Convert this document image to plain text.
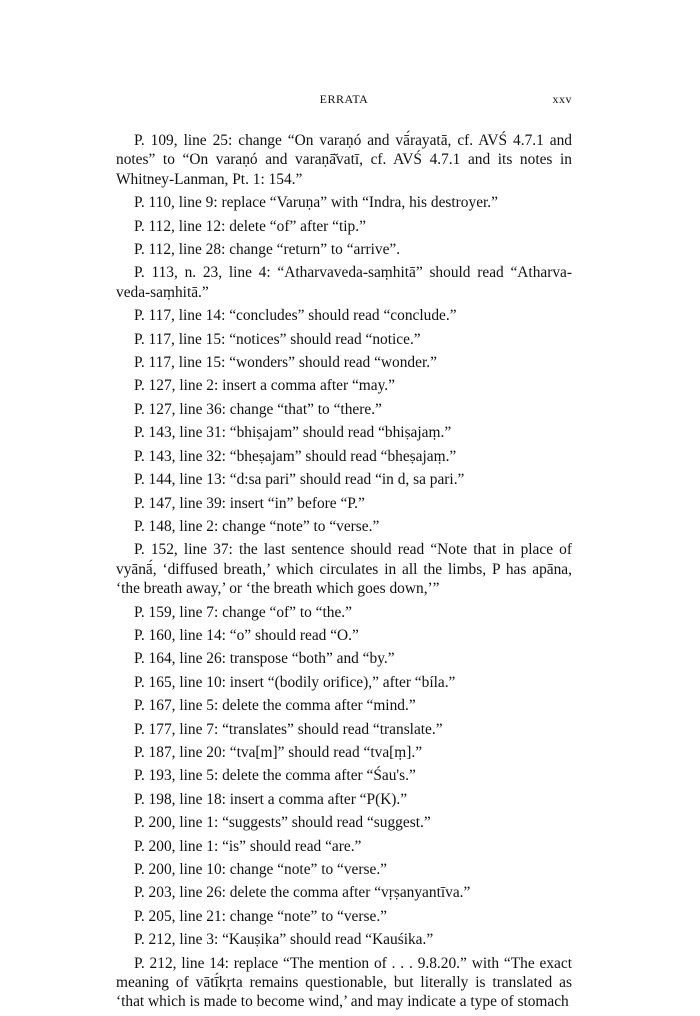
ERRATA	xxv

P. 109, line 25: change “On varaṇó and vā́rayatā, cf. AVŚ 4.7.1 and notes” to “On varaṇó and varaṇā̆vatī, cf. AVŚ 4.7.1 and its notes in Whitney-Lanman, Pt. 1: 154.”

P. 110, line 9: replace “Varuṇa” with “Indra, his destroyer.”

P. 112, line 12: delete “of” after “tip.”

P. 112, line 28: change “return” to “arrive”.

P. 113, n. 23, line 4: “Atharvaveda-saṃhitā” should read “Atharva-veda-saṃhitā.”

P. 117, line 14: “concludes” should read “conclude.”

P. 117, line 15: “notices” should read “notice.”

P. 117, line 15: “wonders” should read “wonder.”

P. 127, line 2: insert a comma after “may.”

P. 127, line 36: change “that” to “there.”

P. 143, line 31: “bhiṣajam” should read “bhiṣajaṃ.”

P. 143, line 32: “bheṣajam” should read “bheṣajaṃ.”

P. 144, line 13: “d:sa pari” should read “in d, sa pari.”

P. 147, line 39: insert “in” before “P.”

P. 148, line 2: change “note” to “verse.”

P. 152, line 37: the last sentence should read “Note that in place of vyānā́, ‘diffused breath,’ which circulates in all the limbs, P has apāna, ‘the breath away,’ or ‘the breath which goes down,’”

P. 159, line 7: change “of” to “the.”

P. 160, line 14: “o” should read “O.”

P. 164, line 26: transpose “both” and “by.”

P. 165, line 10: insert “(bodily orifice),” after “bíla.”

P. 167, line 5: delete the comma after “mind.”

P. 177, line 7: “translates” should read “translate.”

P. 187, line 20: “tva[m]” should read “tva[ṃ].”

P. 193, line 5: delete the comma after “Śau's.”

P. 198, line 18: insert a comma after “P(K).”

P. 200, line 1: “suggests” should read “suggest.”

P. 200, line 1: “is” should read “are.”

P. 200, line 10: change “note” to “verse.”

P. 203, line 26: delete the comma after “vṛṣanyantīva.”

P. 205, line 21: change “note” to “verse.”

P. 212, line 3: “Kauṣika” should read “Kauśika.”

P. 212, line 14: replace “The mention of . . . 9.8.20.” with “The exact meaning of vātī́kṛta remains questionable, but literally is translated as ‘that which is made to become wind,’ and may indicate a type of stomach
